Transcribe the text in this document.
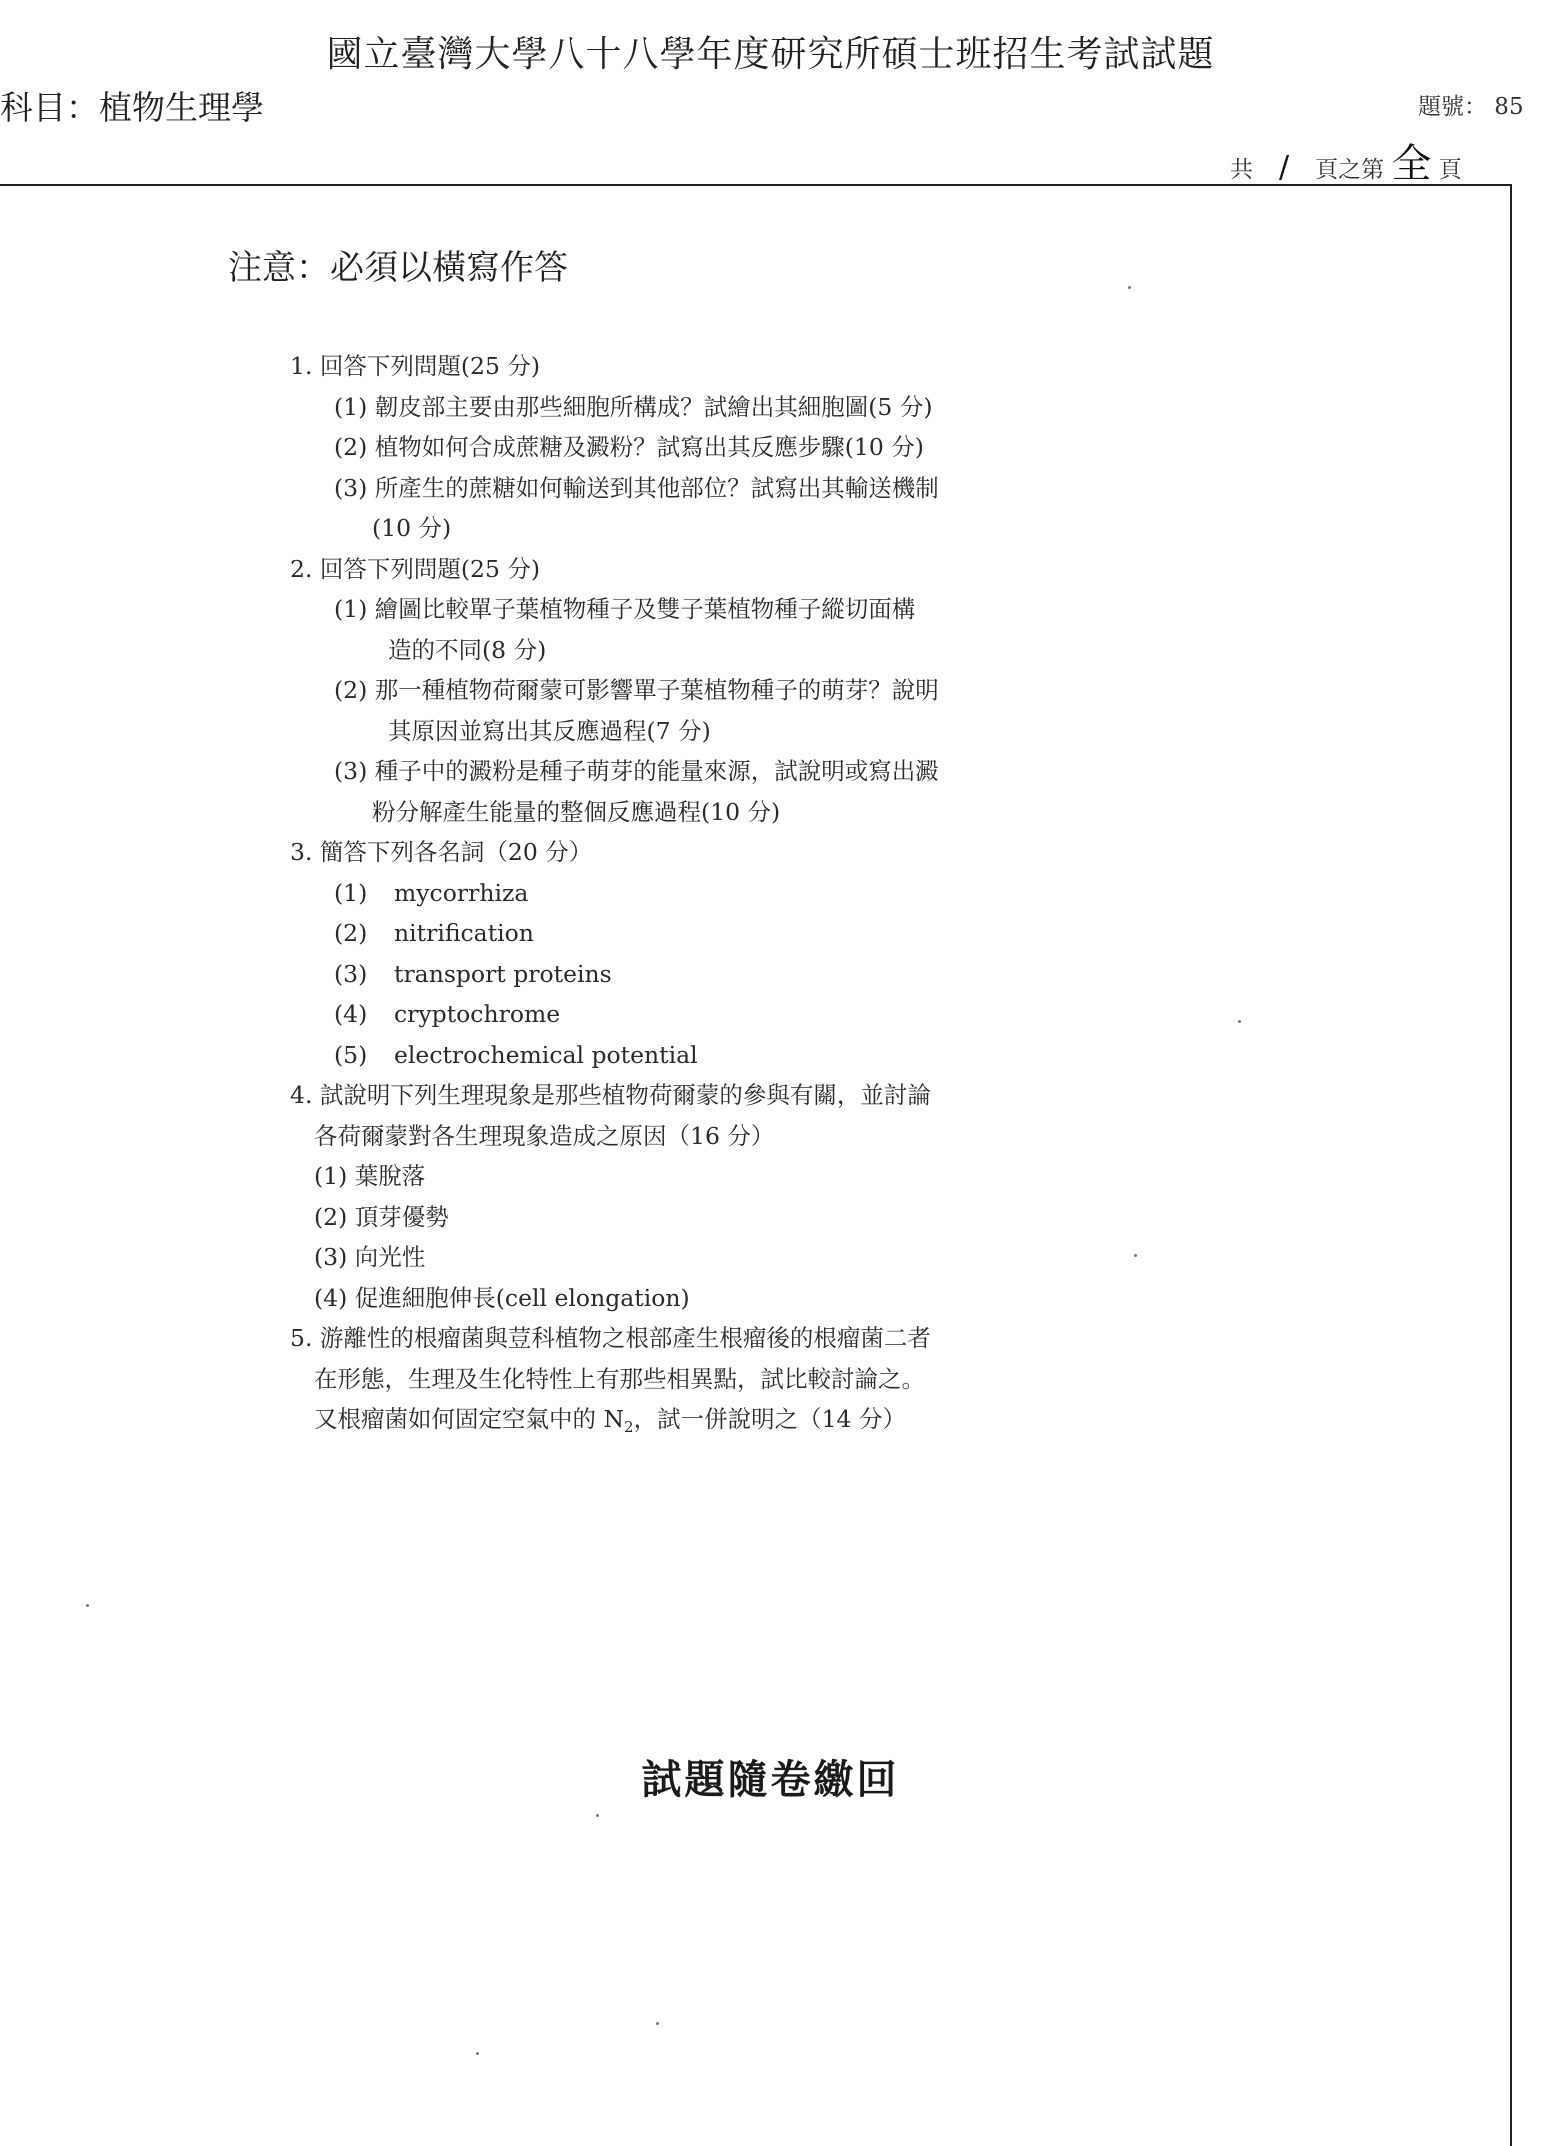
國立臺灣大學八十八學年度研究所碩士班招生考試試題
科目：植物生理學	題號： 85
共 / 頁之第 全 頁
注意：必須以橫寫作答
1. 回答下列問題(25 分)
(1) 韌皮部主要由那些細胞所構成？試繪出其細胞圖(5 分)
(2) 植物如何合成蔗糖及澱粉？試寫出其反應步驟(10 分)
(3) 所產生的蔗糖如何輸送到其他部位？試寫出其輸送機制
(10 分)
2. 回答下列問題(25 分)
(1) 繪圖比較單子葉植物種子及雙子葉植物種子縱切面構
造的不同(8 分)
(2) 那一種植物荷爾蒙可影響單子葉植物種子的萌芽？說明
其原因並寫出其反應過程(7 分)
(3) 種子中的澱粉是種子萌芽的能量來源，試說明或寫出澱
粉分解產生能量的整個反應過程(10 分)
3. 簡答下列各名詞（20 分）
(1) mycorrhiza
(2) nitrification
(3) transport proteins
(4) cryptochrome
(5) electrochemical potential
4. 試說明下列生理現象是那些植物荷爾蒙的參與有關，並討論
各荷爾蒙對各生理現象造成之原因（16 分）
(1) 葉脫落
(2) 頂芽優勢
(3) 向光性
(4) 促進細胞伸長(cell elongation)
5. 游離性的根瘤菌與荳科植物之根部產生根瘤後的根瘤菌二者
在形態，生理及生化特性上有那些相異點，試比較討論之。
又根瘤菌如何固定空氣中的 $N_2$，試一併說明之（14 分）
試題隨卷繳回
